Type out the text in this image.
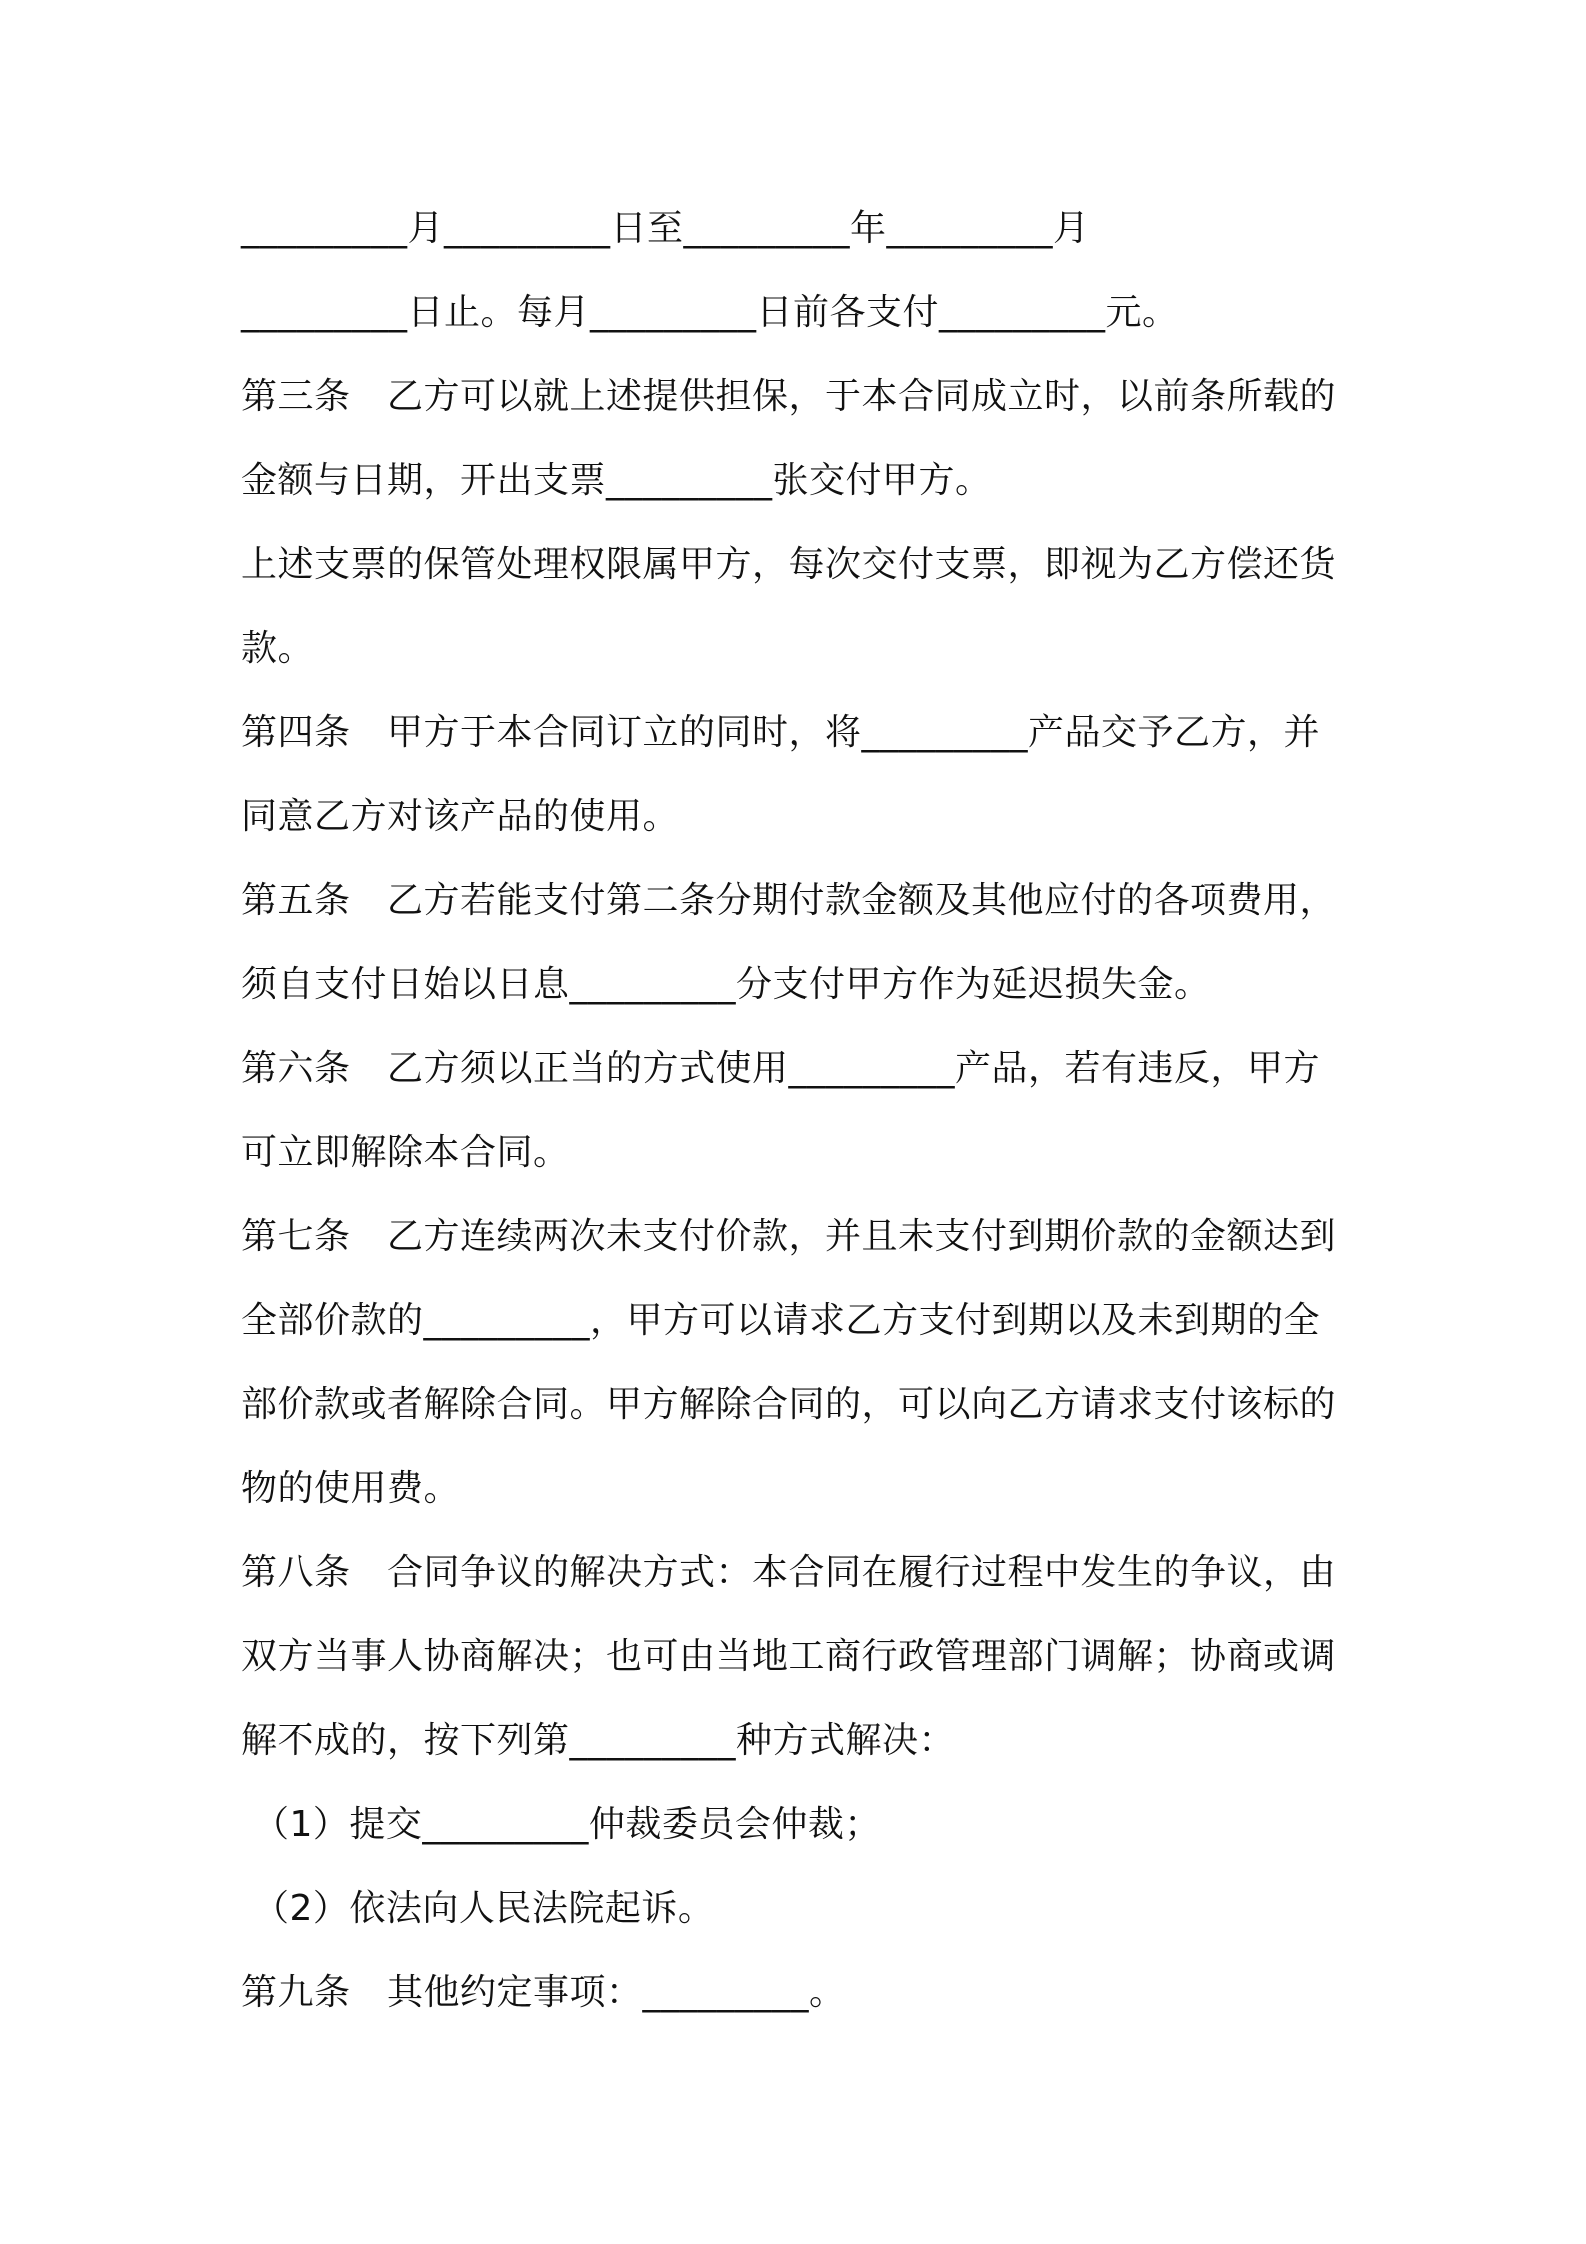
_________月_________日至_________年_________月
_________日止。每月_________日前各支付_________元。
第三条　乙方可以就上述提供担保，于本合同成立时，以前条所载的
金额与日期，开出支票_________张交付甲方。
上述支票的保管处理权限属甲方，每次交付支票，即视为乙方偿还货
款。
第四条　甲方于本合同订立的同时，将_________产品交予乙方，并
同意乙方对该产品的使用。
第五条　乙方若能支付第二条分期付款金额及其他应付的各项费用，
须自支付日始以日息_________分支付甲方作为延迟损失金。
第六条　乙方须以正当的方式使用_________产品，若有违反，甲方
可立即解除本合同。
第七条　乙方连续两次未支付价款，并且未支付到期价款的金额达到
全部价款的_________，甲方可以请求乙方支付到期以及未到期的全
部价款或者解除合同。甲方解除合同的，可以向乙方请求支付该标的
物的使用费。
第八条　合同争议的解决方式：本合同在履行过程中发生的争议，由
双方当事人协商解决；也可由当地工商行政管理部门调解；协商或调
解不成的，按下列第_________种方式解决：
（1）提交_________仲裁委员会仲裁；
（2）依法向人民法院起诉。
第九条　其他约定事项：_________。
